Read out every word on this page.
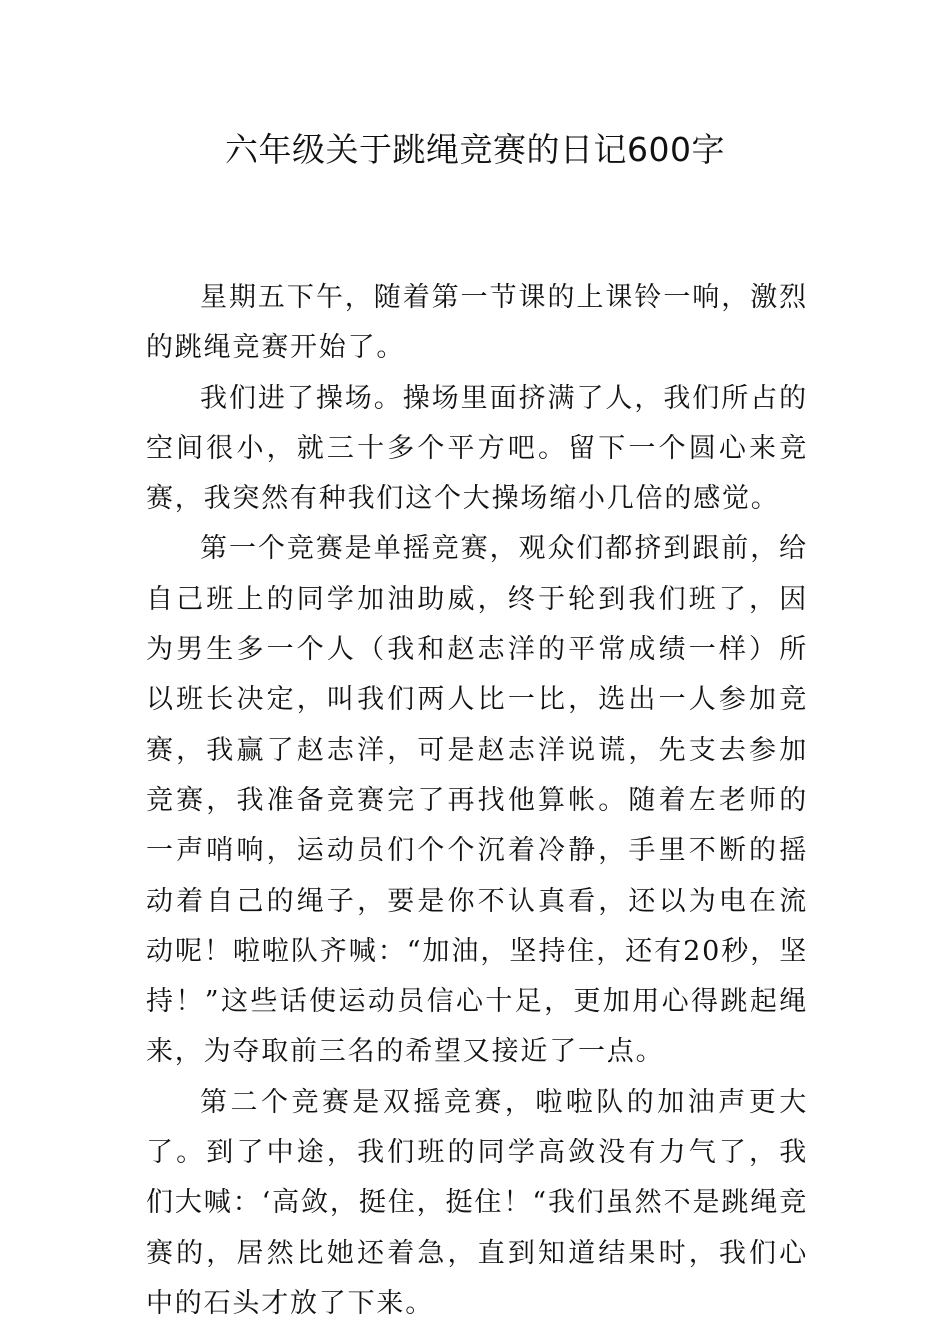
六年级关于跳绳竞赛的日记600字

星期五下午，随着第一节课的上课铃一响，激烈的跳绳竞赛开始了。

我们进了操场。操场里面挤满了人，我们所占的空间很小，就三十多个平方吧。留下一个圆心来竞赛，我突然有种我们这个大操场缩小几倍的感觉。

第一个竞赛是单摇竞赛，观众们都挤到跟前，给自己班上的同学加油助威，终于轮到我们班了，因为男生多一个人（我和赵志洋的平常成绩一样）所以班长决定，叫我们两人比一比，选出一人参加竞赛，我赢了赵志洋，可是赵志洋说谎，先支去参加竞赛，我准备竞赛完了再找他算帐。随着左老师的一声哨响，运动员们个个沉着冷静，手里不断的摇动着自己的绳子，要是你不认真看，还以为电在流动呢！啦啦队齐喊：“加油，坚持住，还有20秒，坚持！”这些话使运动员信心十足，更加用心得跳起绳来，为夺取前三名的希望又接近了一点。

第二个竞赛是双摇竞赛，啦啦队的加油声更大了。到了中途，我们班的同学高敛没有力气了，我们大喊：‘高敛，挺住，挺住！“我们虽然不是跳绳竞赛的，居然比她还着急，直到知道结果时，我们心中的石头才放了下来。
